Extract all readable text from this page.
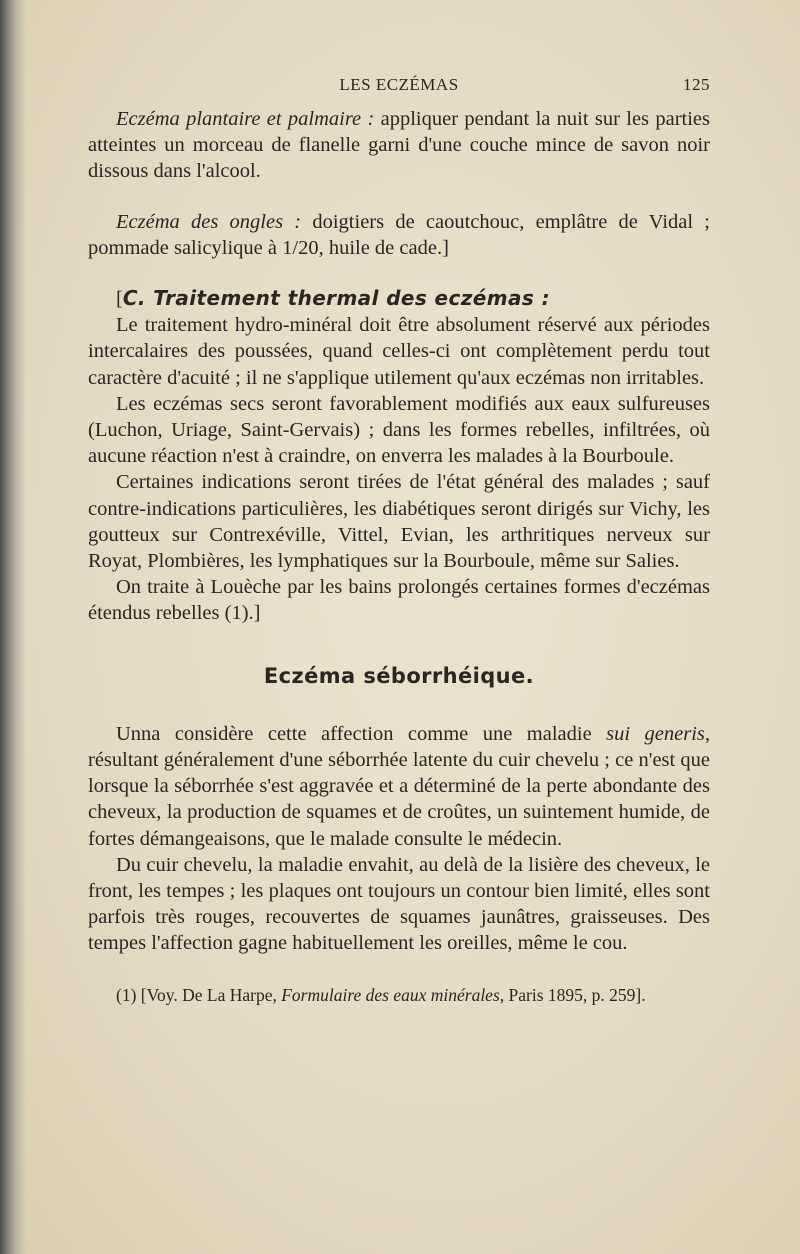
LES ECZÉMAS	125

Eczéma plantaire et palmaire : appliquer pendant la nuit sur les parties atteintes un morceau de flanelle garni d'une couche mince de savon noir dissous dans l'alcool.

Eczéma des ongles : doigtiers de caoutchouc, emplâtre de Vidal ; pommade salicylique à 1/20, huile de cade.]

[C. Traitement thermal des eczémas :

Le traitement hydro-minéral doit être absolument réservé aux périodes intercalaires des poussées, quand celles-ci ont complètement perdu tout caractère d'acuité ; il ne s'applique utilement qu'aux eczémas non irritables.

Les eczémas secs seront favorablement modifiés aux eaux sulfureuses (Luchon, Uriage, Saint-Gervais) ; dans les formes rebelles, infiltrées, où aucune réaction n'est à craindre, on enverra les malades à la Bourboule.

Certaines indications seront tirées de l'état général des malades ; sauf contre-indications particulières, les diabétiques seront dirigés sur Vichy, les goutteux sur Contrexéville, Vittel, Evian, les arthritiques nerveux sur Royat, Plombières, les lymphatiques sur la Bourboule, même sur Salies.

On traite à Louèche par les bains prolongés certaines formes d'eczémas étendus rebelles (1).]

Eczéma séborrhéique.

Unna considère cette affection comme une maladie sui generis, résultant généralement d'une séborrhée latente du cuir chevelu ; ce n'est que lorsque la séborrhée s'est aggravée et a déterminé de la perte abondante des cheveux, la production de squames et de croûtes, un suintement humide, de fortes démangeaisons, que le malade consulte le médecin.

Du cuir chevelu, la maladie envahit, au delà de la lisière des cheveux, le front, les tempes ; les plaques ont toujours un contour bien limité, elles sont parfois très rouges, recouvertes de squames jaunâtres, graisseuses. Des tempes l'affection gagne habituellement les oreilles, même le cou.

(1) [Voy. De La Harpe, Formulaire des eaux minérales, Paris 1895, p. 259].
